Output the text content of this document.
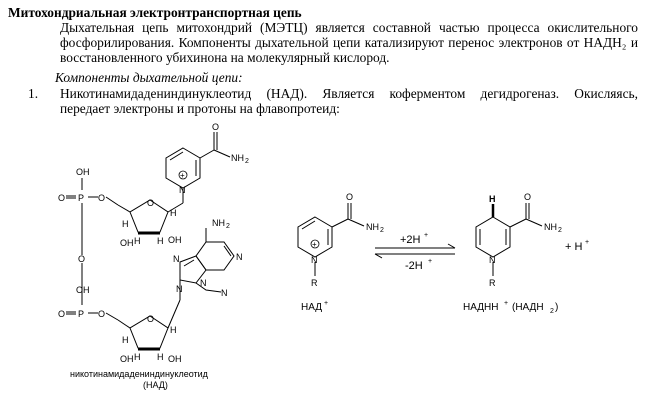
Митохондриальная электронтранспортная цепь
Дыхательная цепь митохондрий (МЭТЦ) является составной частью процесса окислительного
фосфорилирования. Компоненты дыхательной цепи катализируют перенос электронов от НАДН₂ и
восстановленного убихинона на молекулярный кислород.
Компоненты дыхательной цепи:
1. Никотинамидадениндинуклеотид (НАД). Является коферментом дегидрогеназ. Окисляясь,
передает электроны и протоны на флавопротеид:
O
NH 2
N
+
O
H
H
H H
OH	OH
OH
P
O	O
O
OH
P
O	O	O
H
H
H H
OH	OH
NH 2
N
N
N
N
N
никотинамидадениндинуклеотид
(НАД)
O
NH 2
N
+
R
НАД +
+2H +
-2H +
H	O
NH 2
N
R
+ H +
НАДНН + (НАДН 2 )
